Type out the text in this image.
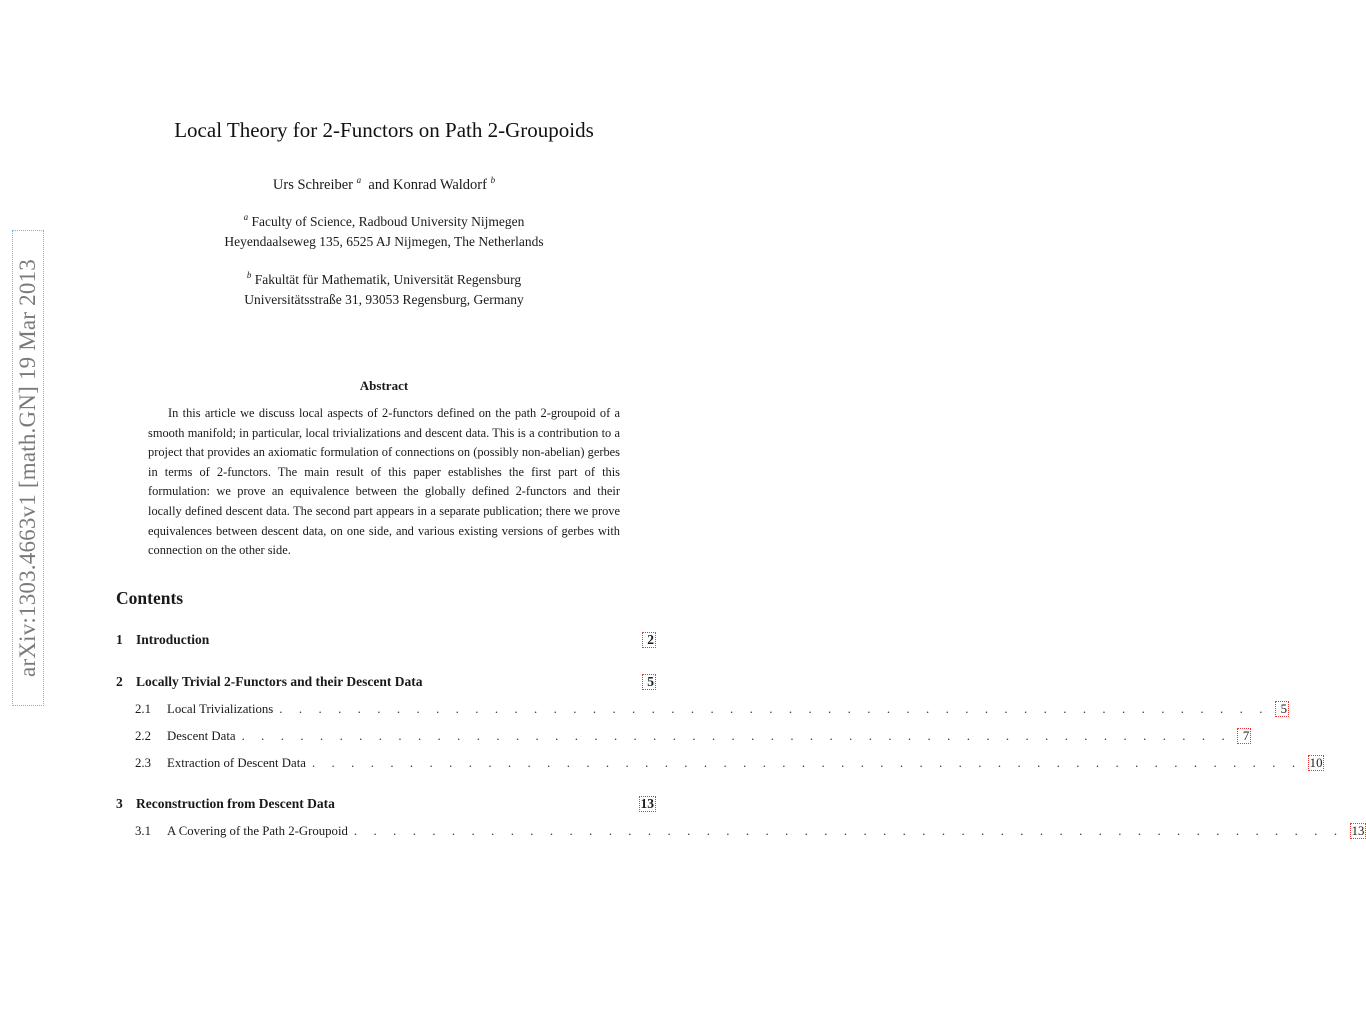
arXiv:1303.4663v1 [math.GN] 19 Mar 2013
Local Theory for 2-Functors on Path 2-Groupoids
Urs Schreiber $^a$ and Konrad Waldorf $^b$
$^a$ Faculty of Science, Radboud University Nijmegen
Heyendaalseweg 135, 6525 AJ Nijmegen, The Netherlands
$^b$ Fakultät für Mathematik, Universität Regensburg
Universitätsstraße 31, 93053 Regensburg, Germany
Abstract
In this article we discuss local aspects of 2-functors defined on the path 2-groupoid of a smooth manifold; in particular, local trivializations and descent data. This is a contribution to a project that provides an axiomatic formulation of connections on (possibly non-abelian) gerbes in terms of 2-functors. The main result of this paper establishes the first part of this formulation: we prove an equivalence between the globally defined 2-functors and their locally defined descent data. The second part appears in a separate publication; there we prove equivalences between descent data, on one side, and various existing versions of gerbes with connection on the other side.
Contents
1 Introduction	2
2 Locally Trivial 2-Functors and their Descent Data	5
2.1	Local Trivializations . . . . . . . . . . . . . . . . . . . . . . . . . . . . . . . . . . . . . . . . . . . . . . . . . . . 5
2.2	Descent Data . . . . . . . . . . . . . . . . . . . . . . . . . . . . . . . . . . . . . . . . . . . . . . . . . . . 7
2.3	Extraction of Descent Data . . . . . . . . . . . . . . . . . . . . . . . . . . . . . . . . . . . . . . . . . . . . . . . . . . . 10
3 Reconstruction from Descent Data	13
3.1	A Covering of the Path 2-Groupoid . . . . . . . . . . . . . . . . . . . . . . . . . . . . . . . . . . . . . . . . . . . . . . . . . . . 13
